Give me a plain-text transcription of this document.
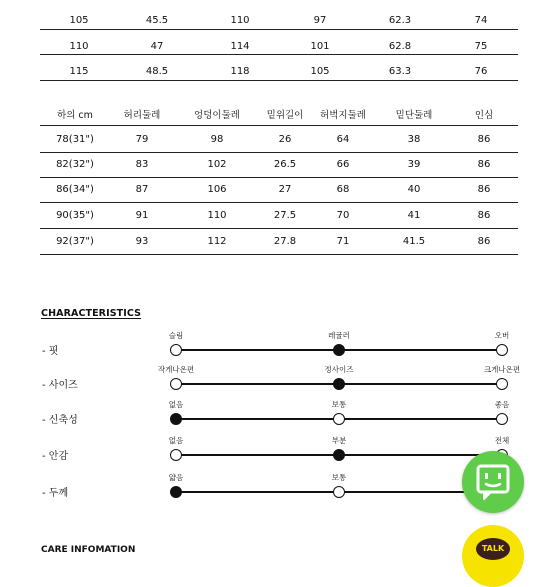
CHARACTERISTICS
CARE INFOMATION
105	45.5	110	97	62.3	74
110	47	114	101	62.8	75
115	48.5	118	105	63.3	76
하의 cm	허리둘레	엉덩이둘레	밑위길이	허벅지둘레	밑단둘레	인심
78(31")	79	98	26	64	38	86
82(32")	83	102	26.5	66	39	86
86(34")	87	106	27	68	40	86
90(35")	91	110	27.5	70	41	86
92(37")	93	112	27.8	71	41.5	86
- 핏
슬림	레귤러	오버
- 사이즈
작게나온편	정사이즈	크게나온편
- 신축성
없음	보통	좋음
- 안감
없음	부분	전체
- 두께
얇음	보통
TALK
